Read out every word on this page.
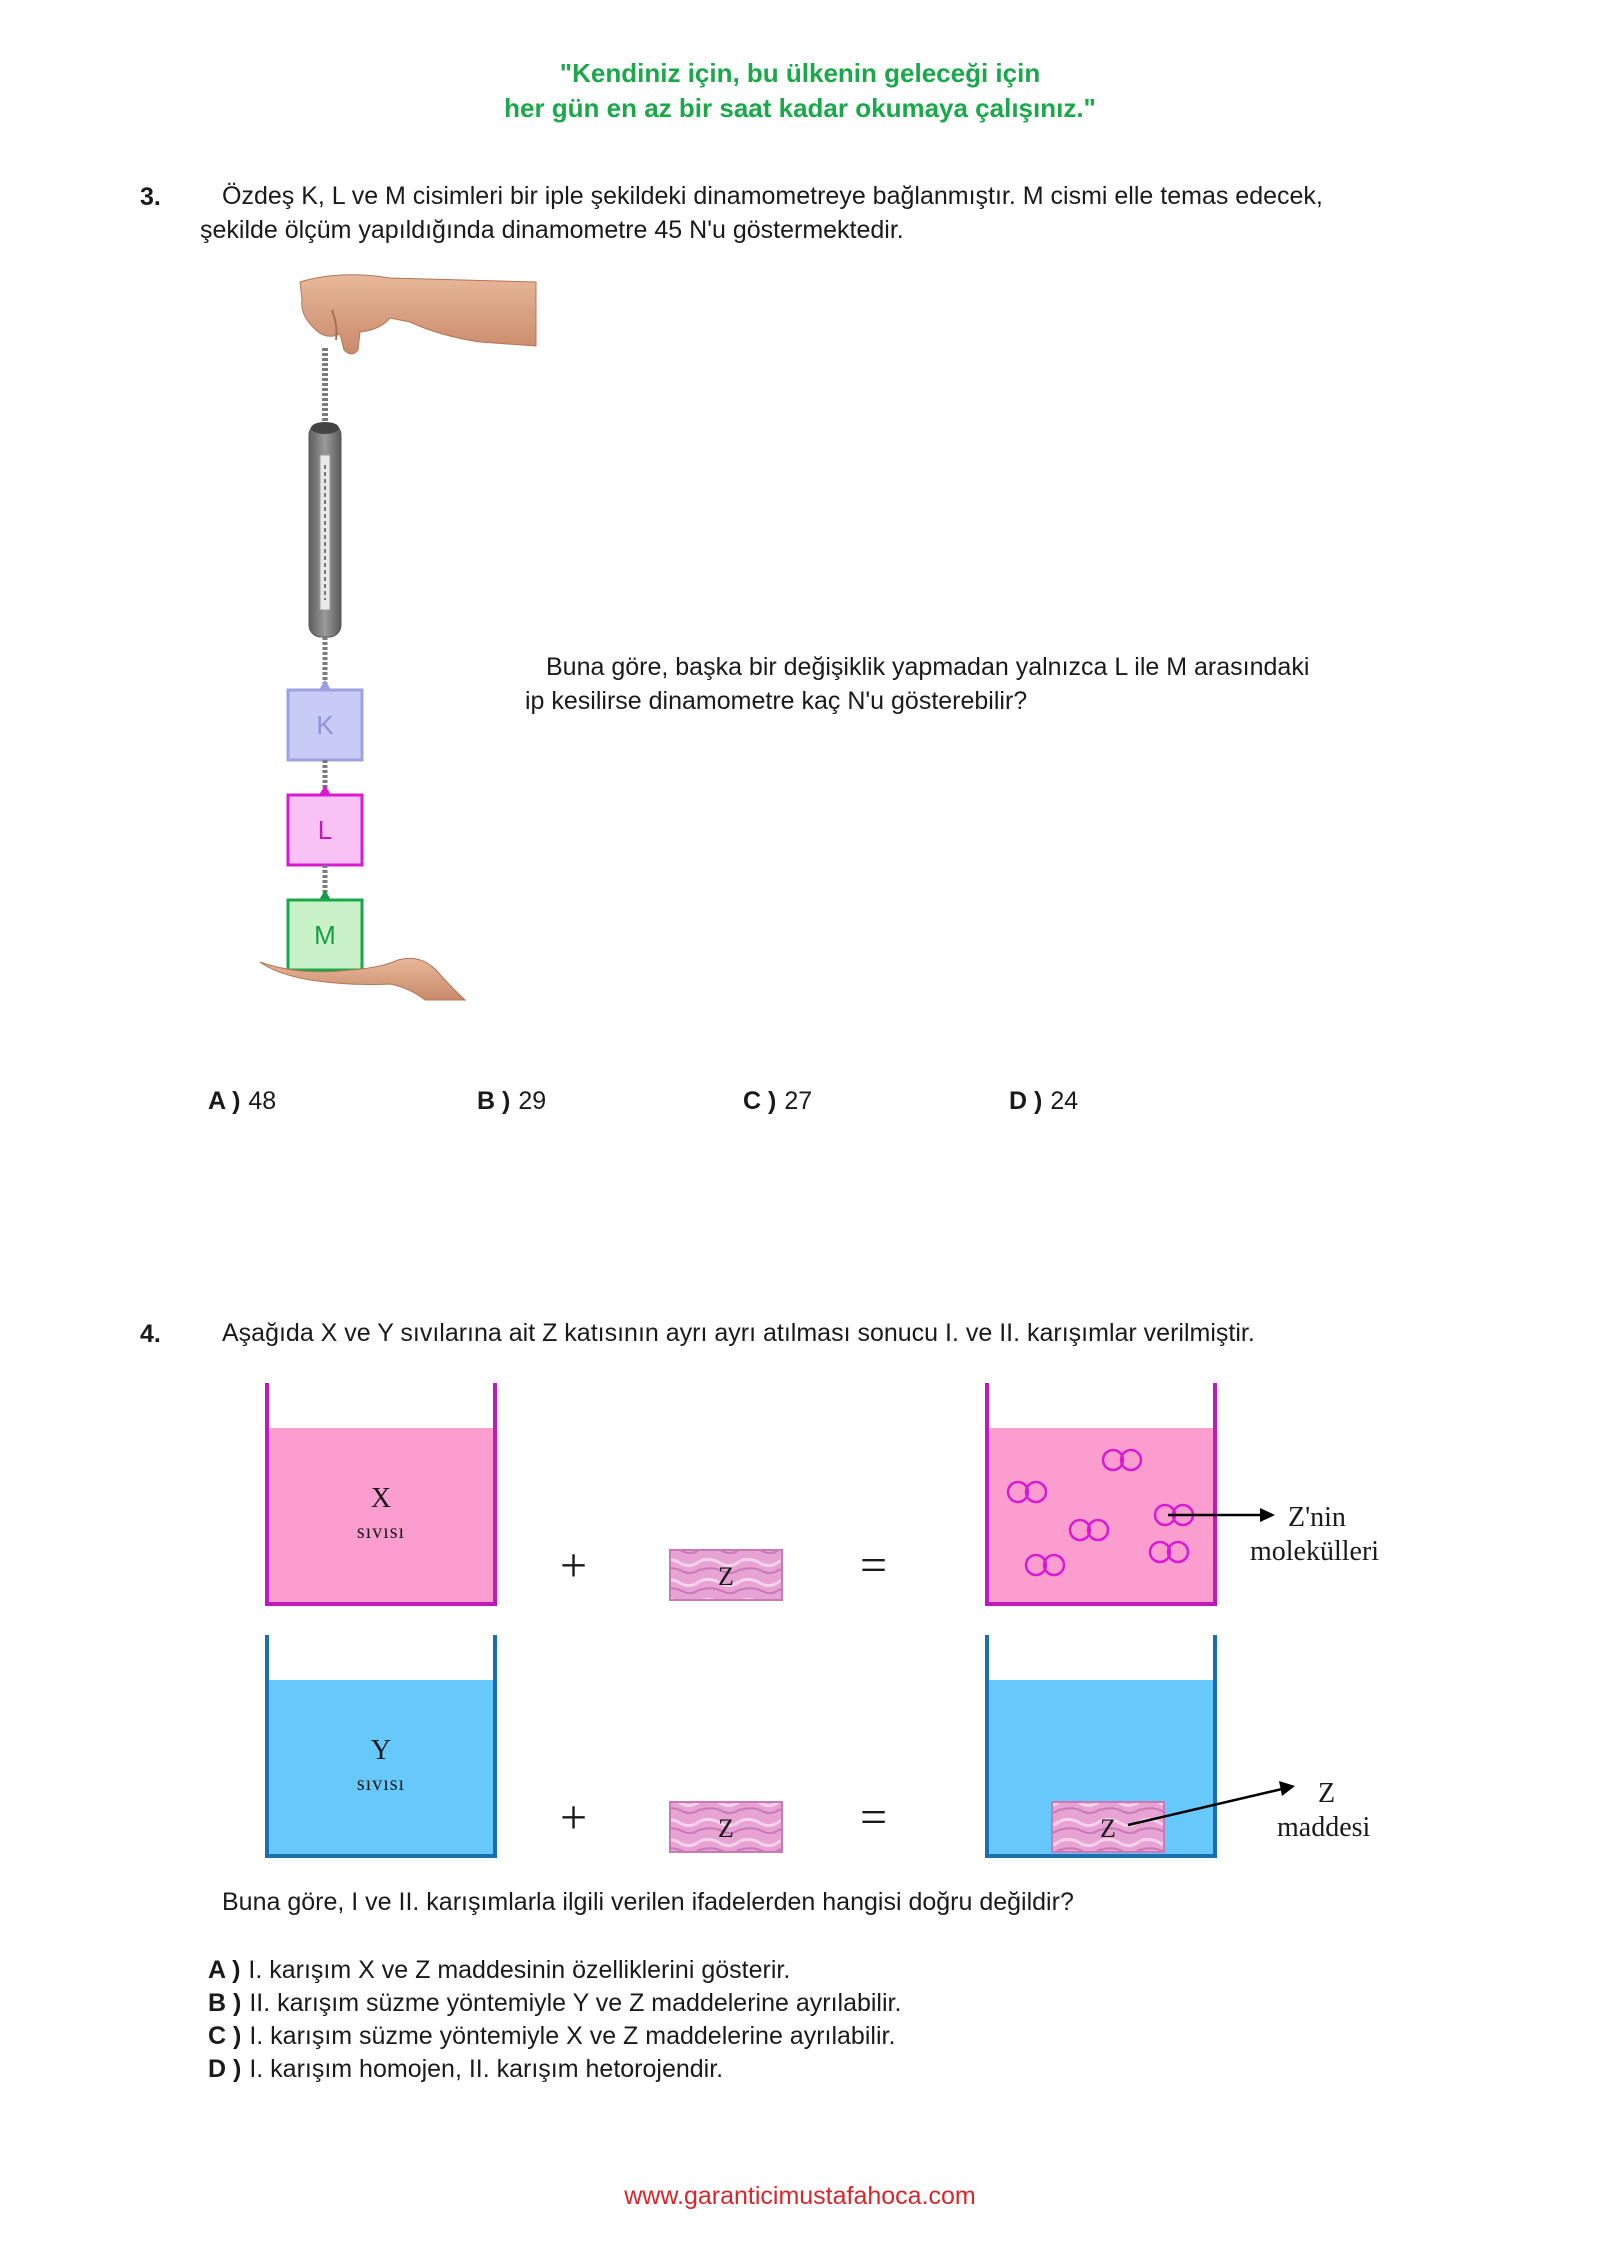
"Kendiniz için, bu ülkenin geleceği için
her gün en az bir saat kadar okumaya çalışınız."
3. Özdeş K, L ve M cisimleri bir iple şekildeki dinamometreye bağlanmıştır. M cismi elle temas edecek,
şekilde ölçüm yapıldığında dinamometre 45 N'u göstermektedir.
K
L
M
Buna göre, başka bir değişiklik yapmadan yalnızca L ile M arasındaki
ip kesilirse dinamometre kaç N'u gösterebilir?
A ) 48	B ) 29	C ) 27	D ) 24
4. Aşağıda X ve Y sıvılarına ait Z katısının ayrı ayrı atılması sonucu I. ve II. karışımlar verilmiştir.
X
sıvısı
+	Z	=
Z'nin
molekülleri
Y
sıvısı
+	Z	=	Z
Z
maddesi
Buna göre, I ve II. karışımlarla ilgili verilen ifadelerden hangisi doğru değildir?
A ) I. karışım X ve Z maddesinin özelliklerini gösterir.
B ) II. karışım süzme yöntemiyle Y ve Z maddelerine ayrılabilir.
C ) I. karışım süzme yöntemiyle X ve Z maddelerine ayrılabilir.
D ) I. karışım homojen, II. karışım hetorojendir.
www.garanticimustafahoca.com
